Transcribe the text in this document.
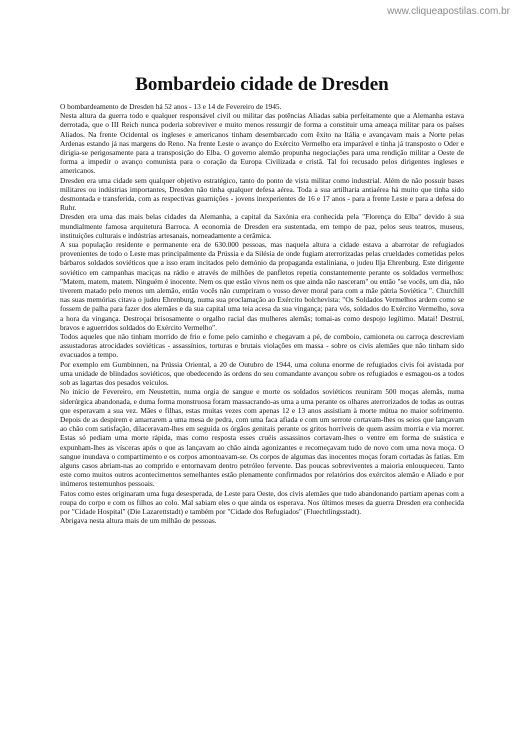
www.cliqueapostilas.com.br
Bombardeio cidade de Dresden

O bombardeamento de Dresden há 52 anos - 13 e 14 de Fevereiro de 1945.

Nesta altura da guerra todo e qualquer responsável civil ou militar das potências Aliadas sabia perfeitamente que a Alemanha estava derrotada, que o III Reich nunca poderia sobreviver e muito menos ressurgir de forma a constituir uma ameaça militar para os países Aliados. Na frente Ocidental os ingleses e americanos tinham desembarcado com êxito na Itália e avançavam mais a Norte pelas Ardenas estando já nas margens do Reno. Na frente Leste o avanço do Exército Vermelho era imparável e tinha já transposto o Oder e dirigia-se perigosamente para a transposição do Elba. O governo alemão propunha negociações para uma rendição militar a Oeste de forma a impedir o avanço comunista para o coração da Europa Civilizada e cristã. Tal foi recusado pelos dirigentes ingleses e americanos.

Dresden era uma cidade sem qualquer objetivo estratégico, tanto do ponto de vista militar como industrial. Além de não possuir bases militares ou indústrias importantes, Dresden não tinha qualquer defesa aérea. Toda a sua artilharia antiaérea há muito que tinha sido desmontada e transferida, com as respectivas guarnições - jovens inexperientes de 16 e 17 anos - para a frente Leste e para a defesa do Ruhr.

Dresden era uma das mais belas cidades da Alemanha, a capital da Saxónia era conhecida pela "Florença do Elba" devido à sua mundialmente famosa arquitetura Barroca. A economia de Dresden era sustentada, em tempo de paz, pelos seus teatros, museus, instituições culturais e indústrias artesanais, nomeadamente a cerâmica.

A sua população residente e permanente era de 630.000 pessoas, mas naquela altura a cidade estava a abarrotar de refugiados provenientes de todo o Leste mas principalmente da Prússia e da Silésia de onde fugiam aterrorizadas pelas crueldades cometidas pelos bárbaros soldados soviéticos que a isso eram incitados pelo demónio da propaganda estaliniana, o judeu Ilja Ehrenburg. Este dirigente soviético em campanhas maciças na rádio e através de milhões de panfletos repetia constantemente perante os soldados vermelhos: "Matem, matem, matem. Ninguém é inocente. Nem os que estão vivos nem os que ainda não nasceram" ou então "se vocês, um dia, não tiverem matado pelo menos um alemão, então vocês não cumpriram o vosso dever moral para com a mãe pátria Soviética ". Churchill nas suas memórias citava o judeu Ehrenburg, numa sua proclamação ao Exército bolchevista: "Os Soldados Vermelhos ardem como se fossem de palha para fazer dos alemães e da sua capital uma teia acesa da sua vingança; para vós, soldados do Exército Vermelho, sova a hora da vingança. Destroçai brisosamente o orgalho racial das mulheres alemãs; tomai-as como despojo legítimo. Matai! Destruí, bravos e aguerridos soldados do Exército Vermelho".

Todos aqueles que não tinham morrido de frio e fome pelo caminho e chegavam a pé, de comboio, camioneta ou carroça descreviam assustadoras atrocidades soviéticas - assassínios, torturas e brutais violações em massa - sobre os civis alemães que não tinham sido evacuados a tempo.

Por exemplo em Gumbinnen, na Prússia Oriental, a 20 de Outubro de 1944, uma coluna enorme de refugiados civis foi avistada por uma unidade de blindados soviéticos, que obedecendo às ordens do seu comandante avançou sobre os refugiados e esmagou-os a todos sob as lagartas dos pesados veículos.

No início de Fevereiro, em Neustettin, numa orgia de sangue e morte os soldados soviéticos reuniram 500 moças alemãs, numa siderúrgica abandonada, e duma forma monstruosa foram massacrando-as uma a uma perante os olhares aterrorizados de todas as outras que esperavam a sua vez. Mães e filhas, estas muitas vezes com apenas 12 e 13 anos assistiam à morte mútua no maior sofrimento. Depois de as despirem e amarrarem a uma mesa de pedra, com uma faca afiada e com um serrote cortavam-lhes os seios que lançavam ao chão com satisfação, dilaceravam-lhes em seguida os órgãos genitais perante os gritos horríveis de quem assim morria e via morrer. Estas só pediam uma morte rápida, mas como resposta esses cruéis assassinos cortavam-lhes o ventre em forma de suástica e expunham-lhes as vísceras após o que as lançavam ao chão ainda agonizantes e recomeçavam tudo de novo com uma nova moça. O sangue inundava o compartimento e os corpos amontoavam-se. Os corpos de algumas das inocentes moças foram cortadas às fatias. Em alguns casos abriam-nas ao comprido e entornavam dentro petróleo fervente. Das poucas sobreviventes a maioria enlouqueceu. Tanto este como muitos outros acontecimentos semelhantes estão plenamente confirmados por relatórios dos exércitos alemão e Aliado e por inúmeros testemunhos pessoais.

Fatos como estes originaram uma fuga desesperada, de Leste para Oeste, dos civis alemães que tudo abandonando partiam apenas com a roupa do corpo e com os filhos ao colo. Mal sabiam eles o que ainda os esperava. Nos últimos meses da guerra Dresden era conhecida por "Cidade Hospital" (Die Lazarettstadt) e também por "Cidade dos Refugiados" (Fluechtlingsstadt).

Abrigava nesta altura mais de um milhão de pessoas.
